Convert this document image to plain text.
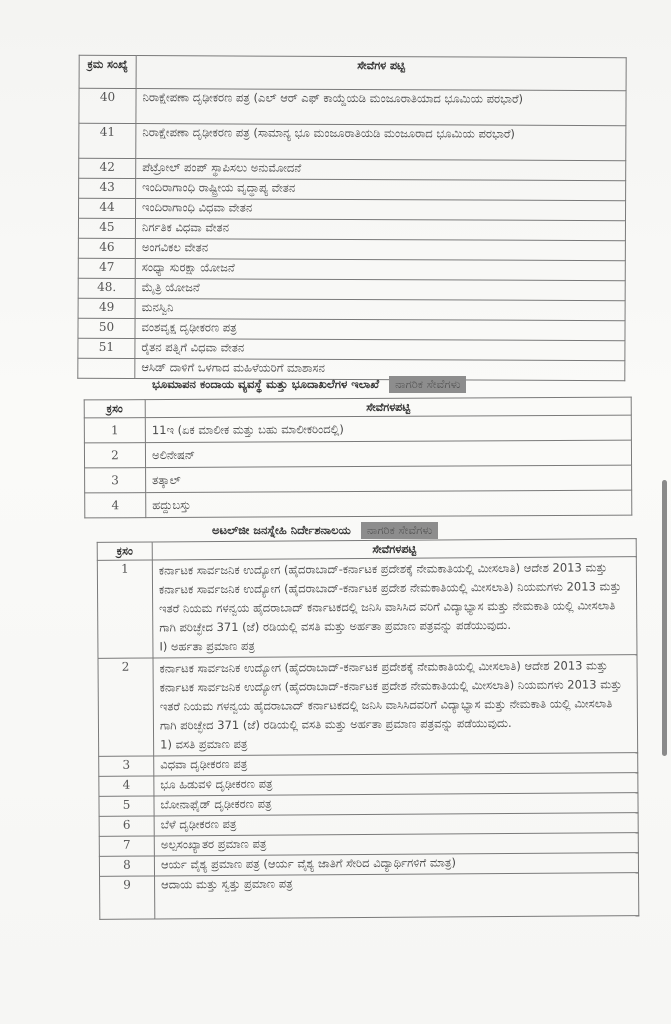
ಕ್ರಮ ಸಂಖ್ಯೆ	ಸೇವೆಗಳ ಪಟ್ಟಿ
40	ನಿರಾಕ್ಷೇಪಣಾ ದೃಢೀಕರಣ ಪತ್ರ (ಎಲ್ ಆರ್ ಎಫ್ ಕಾಯ್ದೆಯಡಿ ಮಂಜೂರಾತಿಯಾದ ಭೂಮಿಯ ಪರಭಾರೆ)
41	ನಿರಾಕ್ಷೇಪಣಾ ದೃಢೀಕರಣ ಪತ್ರ (ಸಾಮಾನ್ಯ ಭೂ ಮಂಜೂರಾತಿಯಡಿ ಮಂಜೂರಾದ ಭೂಮಿಯ ಪರಭಾರೆ)
42	ಪೆಟ್ರೋಲ್ ಪಂಪ್ ಸ್ಥಾಪಿಸಲು ಅನುಮೋದನೆ
43	ಇಂದಿರಾಗಾಂಧಿ ರಾಷ್ಟ್ರೀಯ ವೃದ್ಧಾಪ್ಯ ವೇತನ
44	ಇಂದಿರಾಗಾಂಧಿ ವಿಧವಾ ವೇತನ
45	ನಿರ್ಗತಿಕ ವಿಧವಾ ವೇತನ
46	ಅಂಗವಿಕಲ ವೇತನ
47	ಸಂಧ್ಯಾ ಸುರಕ್ಷಾ ಯೋಜನೆ
48.	ಮೈತ್ರಿ ಯೋಜನೆ
49	ಮನಸ್ವಿನಿ
50	ವಂಶವೃಕ್ಷ ದೃಢೀಕರಣ ಪತ್ರ
51	ರೈತನ ಪತ್ನಿಗೆ ವಿಧವಾ ವೇತನ
	ಆಸಿಡ್ ದಾಳಿಗೆ ಒಳಗಾದ ಮಹಿಳೆಯರಿಗೆ ಮಾಶಾಸನ
ಭೂಮಾಪನ ಕಂದಾಯ ವ್ಯವಸ್ಥೆ ಮತ್ತು ಭೂದಾಖಲೆಗಳ ಇಲಾಖೆ ನಾಗರಿಕ ಸೇವೆಗಳು
ಕ್ರಸಂ	ಸೇವೆಗಳಪಟ್ಟಿ
1	11ಇ (ಏಕ ಮಾಲೀಕ ಮತ್ತು ಬಹು ಮಾಲೀಕರಿಂದಲ್ಲಿ)
2	ಅಲಿನೇಷನ್
3	ತತ್ಕಾಲ್
4	ಹದ್ದುಬಸ್ತು
ಅಟಲ್‌ಜೀ ಜನಸ್ನೇಹಿ ನಿರ್ದೇಶನಾಲಯ ನಾಗರಿಕ ಸೇವೆಗಳು
ಕ್ರಸಂ	ಸೇವೆಗಳಪಟ್ಟಿ
1	ಕರ್ನಾಟಕ ಸಾರ್ವಜನಿಕ ಉದ್ಯೋಗ (ಹೈದರಾಬಾದ್-ಕರ್ನಾಟಕ ಪ್ರದೇಶಕ್ಕೆ ನೇಮಕಾತಿಯಲ್ಲಿ ಮೀಸಲಾತಿ) ಆದೇಶ 2013 ಮತ್ತು ಕರ್ನಾಟಕ ಸಾರ್ವಜನಿಕ ಉದ್ಯೋಗ (ಹೈದರಾಬಾದ್-ಕರ್ನಾಟಕ ಪ್ರದೇಶ ನೇಮಕಾತಿಯಲ್ಲಿ ಮೀಸಲಾತಿ) ನಿಯಮಗಳು 2013 ಮತ್ತು ಇತರೆ ನಿಯಮ ಗಳನ್ವಯ ಹೈದರಾಬಾದ್ ಕರ್ನಾಟಕದಲ್ಲಿ ಜನಿಸಿ ವಾಸಿಸಿದ ವರಿಗೆ ವಿದ್ಯಾಭ್ಯಾಸ ಮತ್ತು ನೇಮಕಾತಿ ಯಲ್ಲಿ ಮೀಸಲಾತಿ ಗಾಗಿ ಪರಿಚ್ಛೇದ 371 (ಜೆ) ರಡಿಯಲ್ಲಿ ವಸತಿ ಮತ್ತು ಅರ್ಹತಾ ಪ್ರಮಾಣ ಪತ್ರವನ್ನು ಪಡೆಯುವುದು.
I) ಅರ್ಹತಾ ಪ್ರಮಾಣ ಪತ್ರ

2	ಕರ್ನಾಟಕ ಸಾರ್ವಜನಿಕ ಉದ್ಯೋಗ (ಹೈದರಾಬಾದ್-ಕರ್ನಾಟಕ ಪ್ರದೇಶಕ್ಕೆ ನೇಮಕಾತಿಯಲ್ಲಿ ಮೀಸಲಾತಿ) ಆದೇಶ 2013 ಮತ್ತು ಕರ್ನಾಟಕ ಸಾರ್ವಜನಿಕ ಉದ್ಯೋಗ (ಹೈದರಾಬಾದ್-ಕರ್ನಾಟಕ ಪ್ರದೇಶ ನೇಮಕಾತಿಯಲ್ಲಿ ಮೀಸಲಾತಿ) ನಿಯಮಗಳು 2013 ಮತ್ತು ಇತರೆ ನಿಯಮ ಗಳನ್ವಯ ಹೈದರಾಬಾದ್ ಕರ್ನಾಟಕದಲ್ಲಿ ಜನಿಸಿ ವಾಸಿಸಿದವರಿಗೆ ವಿದ್ಯಾಭ್ಯಾಸ ಮತ್ತು ನೇಮಕಾತಿ ಯಲ್ಲಿ ಮೀಸಲಾತಿ ಗಾಗಿ ಪರಿಚ್ಛೇದ 371 (ಜೆ) ರಡಿಯಲ್ಲಿ ವಸತಿ ಮತ್ತು ಅರ್ಹತಾ ಪ್ರಮಾಣ ಪತ್ರವನ್ನು ಪಡೆಯುವುದು.
1) ವಸತಿ ಪ್ರಮಾಣ ಪತ್ರ

3	ವಿಧವಾ ದೃಢೀಕರಣ ಪತ್ರ
4	ಭೂ ಹಿಡುವಳಿ ದೃಢೀಕರಣ ಪತ್ರ
5	ಬೋನಾಫೈಡ್ ದೃಢೀಕರಣ ಪತ್ರ
6	ಬೆಳೆ ದೃಢೀಕರಣ ಪತ್ರ
7	ಅಲ್ಪಸಂಖ್ಯಾತರ ಪ್ರಮಾಣ ಪತ್ರ
8	ಆರ್ಯ ವೈಶ್ಯ ಪ್ರಮಾಣ ಪತ್ರ (ಆರ್ಯ ವೈಶ್ಯ ಜಾತಿಗೆ ಸೇರಿದ ವಿದ್ಯಾರ್ಥಿಗಳಿಗೆ ಮಾತ್ರ)
9	ಆದಾಯ ಮತ್ತು ಸ್ವತ್ತು ಪ್ರಮಾಣ ಪತ್ರ
